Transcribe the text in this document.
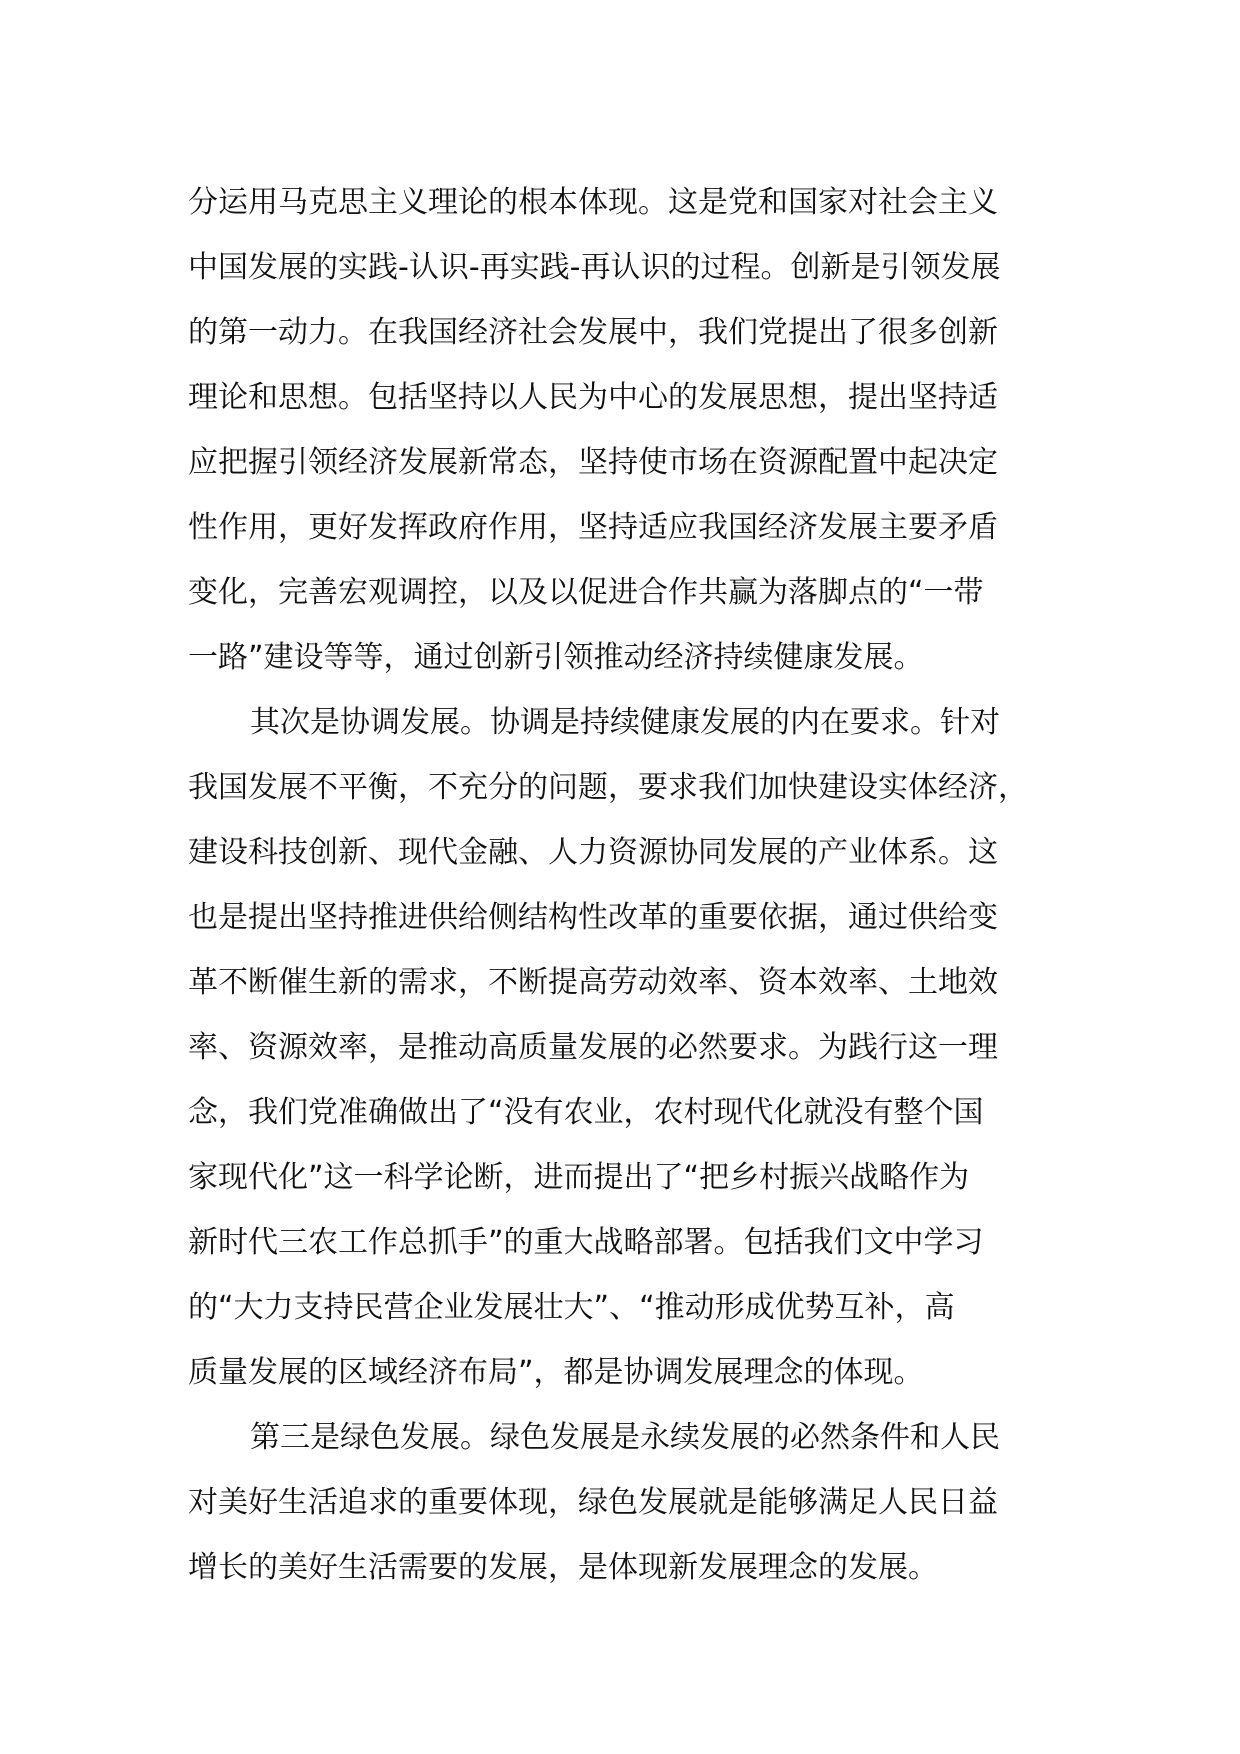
分运用马克思主义理论的根本体现。这是党和国家对社会主义
中国发展的实践-认识-再实践-再认识的过程。创新是引领发展
的第一动力。在我国经济社会发展中，我们党提出了很多创新
理论和思想。包括坚持以人民为中心的发展思想，提出坚持适
应把握引领经济发展新常态，坚持使市场在资源配置中起决定
性作用，更好发挥政府作用，坚持适应我国经济发展主要矛盾
变化，完善宏观调控，以及以促进合作共赢为落脚点的“一带
一路”建设等等，通过创新引领推动经济持续健康发展。

其次是协调发展。协调是持续健康发展的内在要求。针对
我国发展不平衡，不充分的问题，要求我们加快建设实体经济，
建设科技创新、现代金融、人力资源协同发展的产业体系。这
也是提出坚持推进供给侧结构性改革的重要依据，通过供给变
革不断催生新的需求，不断提高劳动效率、资本效率、土地效
率、资源效率，是推动高质量发展的必然要求。为践行这一理
念，我们党准确做出了“没有农业，农村现代化就没有整个国
家现代化”这一科学论断，进而提出了“把乡村振兴战略作为
新时代三农工作总抓手”的重大战略部署。包括我们文中学习
的“大力支持民营企业发展壮大”、“推动形成优势互补，高
质量发展的区域经济布局”，都是协调发展理念的体现。

第三是绿色发展。绿色发展是永续发展的必然条件和人民
对美好生活追求的重要体现，绿色发展就是能够满足人民日益
增长的美好生活需要的发展，是体现新发展理念的发展。
